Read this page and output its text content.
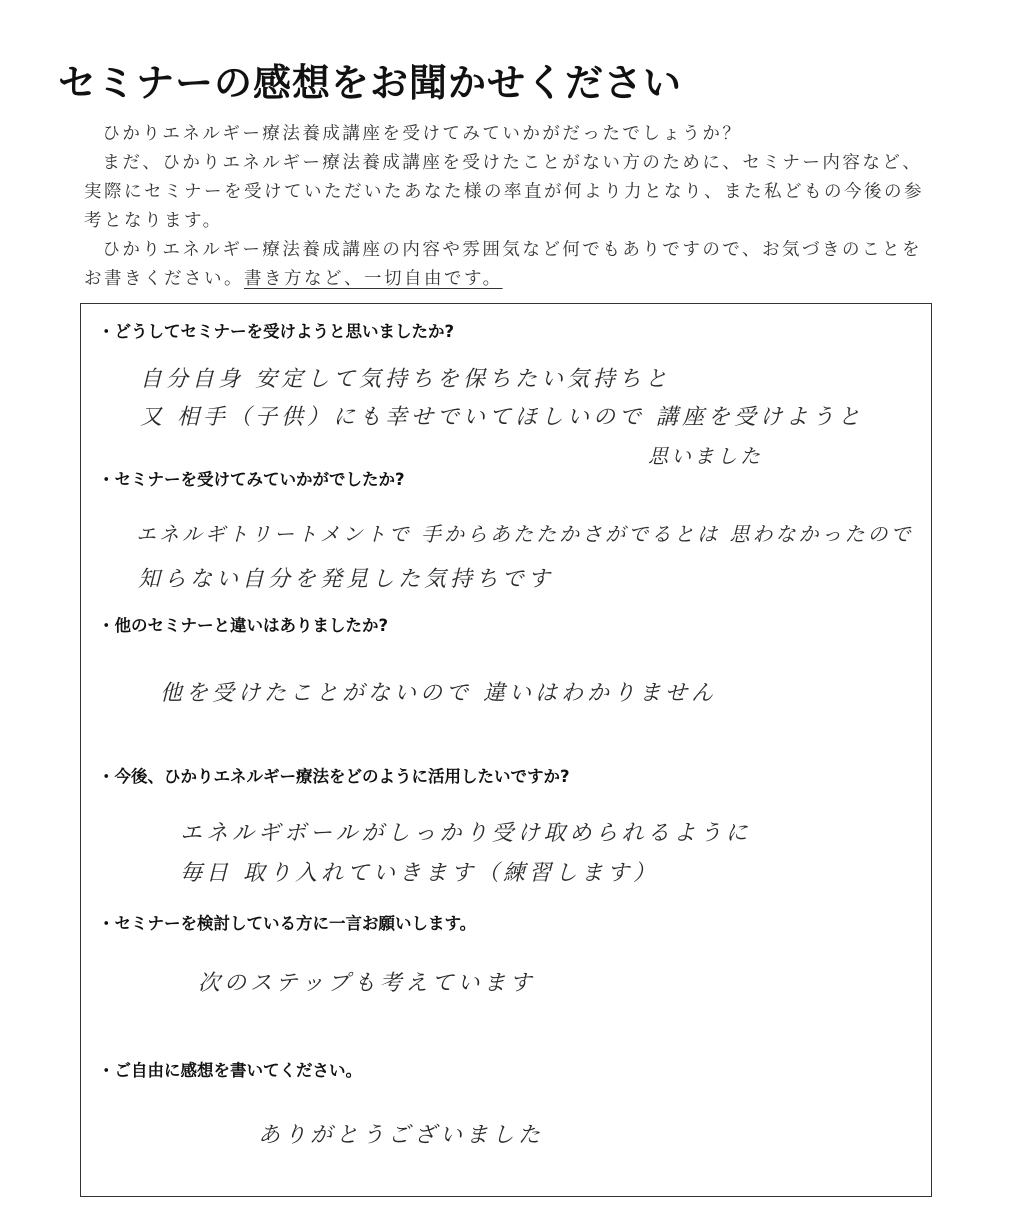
セミナーの感想をお聞かせください

ひかりエネルギー療法養成講座を受けてみていかがだったでしょうか？

まだ、ひかりエネルギー療法養成講座を受けたことがない方のために、セミナー内容など、実際にセミナーを受けていただいたあなた様の率直が何より力となり、また私どもの今後の参考となります。

ひかりエネルギー療法養成講座の内容や雰囲気など何でもありですので、お気づきのことをお書きください。書き方など、一切自由です。

・どうしてセミナーを受けようと思いましたか?
自分自身 安定して気持ちを保ちたい気持ちと
又 相手（子供）にも幸せでいてほしいので 講座を受けようと
思いました
・セミナーを受けてみていかがでしたか?
エネルギトリートメントで 手からあたたかさがでるとは 思わなかったので
知らない自分を発見した気持ちです
・他のセミナーと違いはありましたか?
他を受けたことがないので 違いはわかりません
・今後、ひかりエネルギー療法をどのように活用したいですか?
エネルギボールがしっかり受け取められるように
毎日 取り入れていきます（練習します）
・セミナーを検討している方に一言お願いします。
次のステップも考えています
・ご自由に感想を書いてください。
ありがとうございました
